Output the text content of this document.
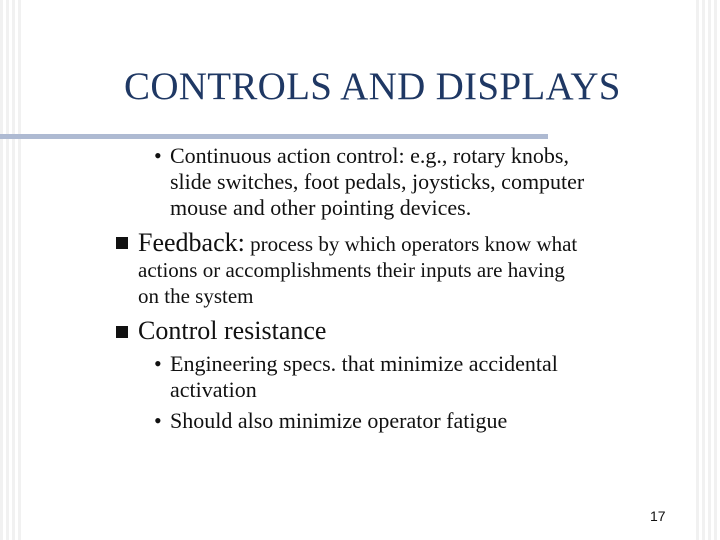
CONTROLS AND DISPLAYS
• Continuous action control: e.g., rotary knobs,
slide switches, foot pedals, joysticks, computer
mouse and other pointing devices.
Feedback: process by which operators know what
actions or accomplishments their inputs are having
on the system
Control resistance
• Engineering specs. that minimize accidental
activation
• Should also minimize operator fatigue
17
